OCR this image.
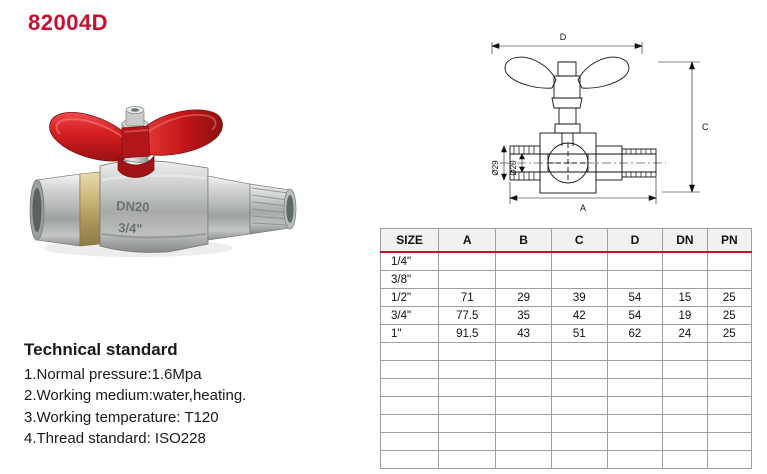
82004D
DN20
3/4"
Technical standard
1.Normal pressure:1.6Mpa
2.Working medium:water,heating.
3.Working temperature: T120
4.Thread standard: ISO228
D
C
A
Ø29 Ø20
SIZE	A	B	C	D	DN	PN
1/4"						
3/8"						
1/2"	71	29	39	54	15	25
3/4"	77.5	35	42	54	19	25
1"	91.5	43	51	62	24	25
